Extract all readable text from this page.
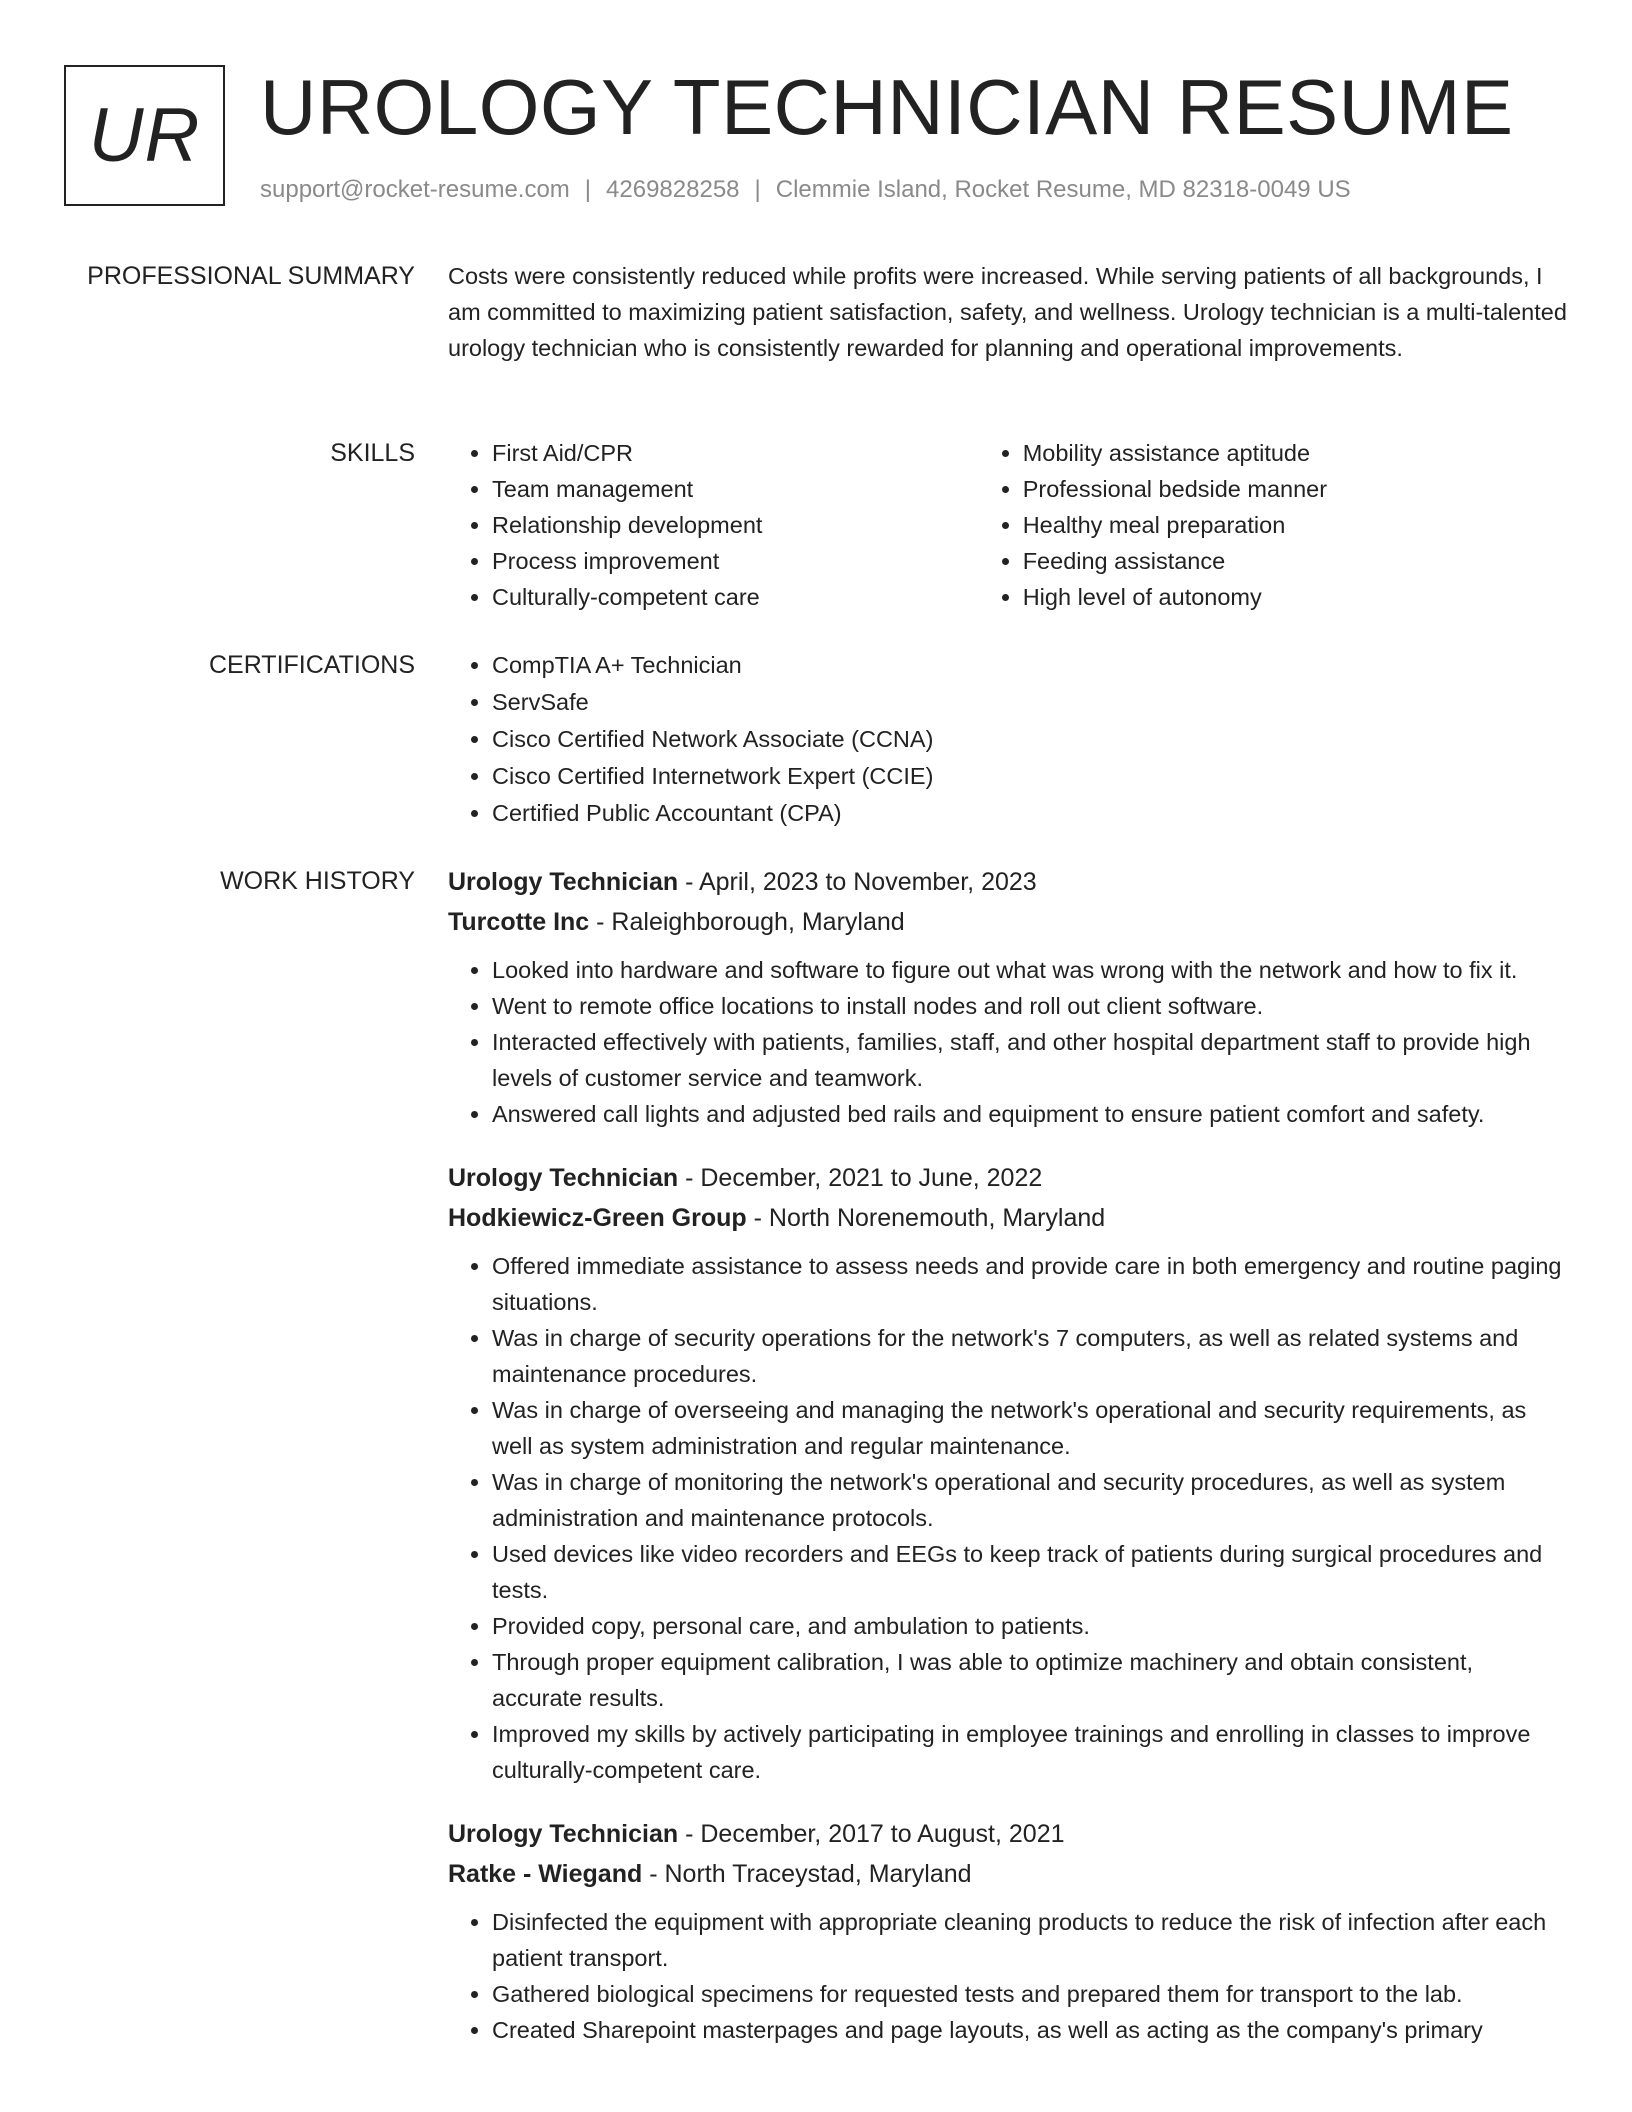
UR UROLOGY TECHNICIAN RESUME
support@rocket-resume.com | 4269828258 | Clemmie Island, Rocket Resume, MD 82318-0049 US
PROFESSIONAL SUMMARY Costs were consistently reduced while profits were increased. While serving patients of all backgrounds, I am committed to maximizing patient satisfaction, safety, and wellness. Urology technician is a multi-talented urology technician who is consistently rewarded for planning and operational improvements.
SKILLS	• First Aid/CPR
• Team management
• Relationship development
• Process improvement
• Culturally-competent care
• Mobility assistance aptitude
• Professional bedside manner
• Healthy meal preparation
• Feeding assistance
• High level of autonomy
CERTIFICATIONS	• CompTIA A+ Technician
• ServSafe
• Cisco Certified Network Associate (CCNA)
• Cisco Certified Internetwork Expert (CCIE)
• Certified Public Accountant (CPA)
WORK HISTORY Urology Technician - April, 2023 to November, 2023
Turcotte Inc - Raleighborough, Maryland
• Looked into hardware and software to figure out what was wrong with the network and how to fix it.
• Went to remote office locations to install nodes and roll out client software.
• Interacted effectively with patients, families, staff, and other hospital department staff to provide high levels of customer service and teamwork.
• Answered call lights and adjusted bed rails and equipment to ensure patient comfort and safety.
Urology Technician - December, 2021 to June, 2022
Hodkiewicz-Green Group - North Norenemouth, Maryland
• Offered immediate assistance to assess needs and provide care in both emergency and routine paging situations.
• Was in charge of security operations for the network's 7 computers, as well as related systems and maintenance procedures.
• Was in charge of overseeing and managing the network's operational and security requirements, as well as system administration and regular maintenance.
• Was in charge of monitoring the network's operational and security procedures, as well as system administration and maintenance protocols.
• Used devices like video recorders and EEGs to keep track of patients during surgical procedures and tests.
• Provided copy, personal care, and ambulation to patients.
• Through proper equipment calibration, I was able to optimize machinery and obtain consistent, accurate results.
• Improved my skills by actively participating in employee trainings and enrolling in classes to improve culturally-competent care.
Urology Technician - December, 2017 to August, 2021
Ratke - Wiegand - North Traceystad, Maryland
• Disinfected the equipment with appropriate cleaning products to reduce the risk of infection after each patient transport.
• Gathered biological specimens for requested tests and prepared them for transport to the lab.
• Created Sharepoint masterpages and page layouts, as well as acting as the company's primary
